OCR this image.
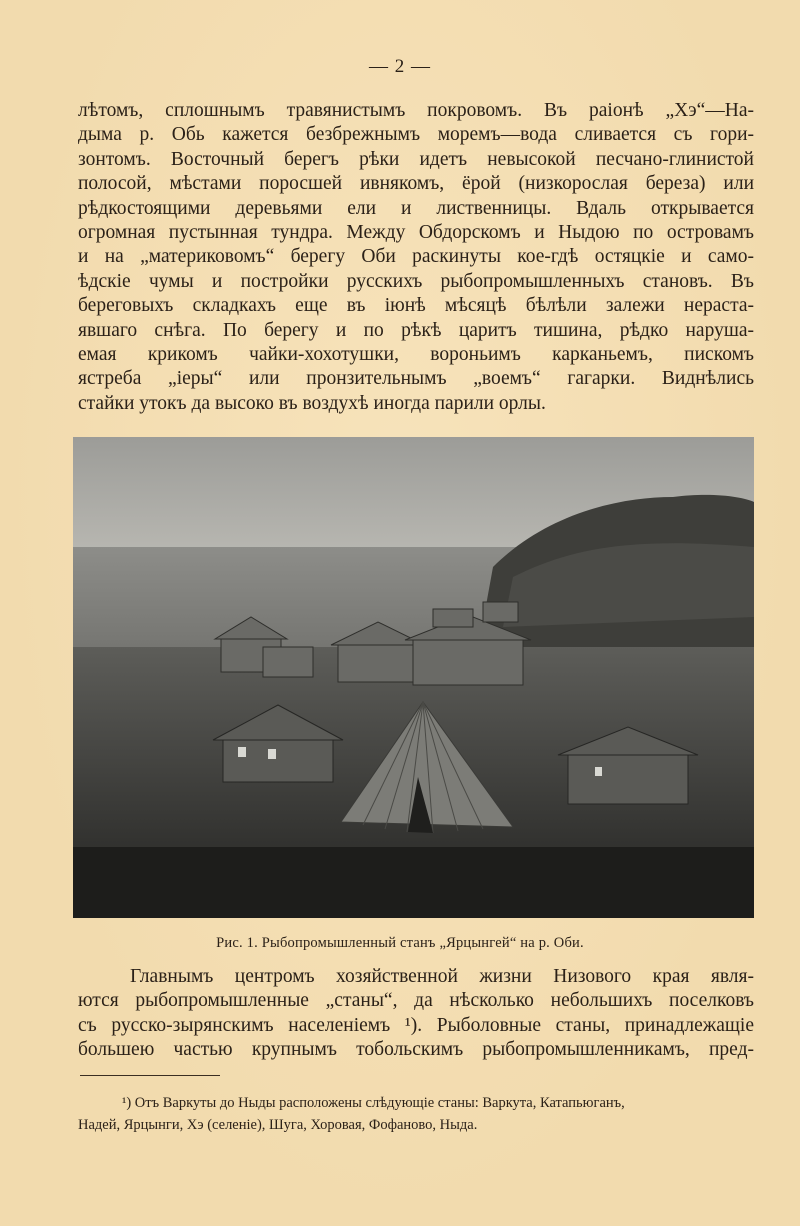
— 2 —

лѣтомъ, сплошнымъ травянистымъ покровомъ. Въ раіонѣ „Хэ“—На-
дыма р. Обь кажется безбрежнымъ моремъ—вода сливается съ гори-
зонтомъ. Восточный берегъ рѣки идетъ невысокой песчано-глинистой
полосой, мѣстами поросшей ивнякомъ, ёрой (низкорослая береза) или
рѣдкостоящими деревьями ели и лиственницы. Вдаль открывается
огромная пустынная тундра. Между Обдорскомъ и Ныдою по островамъ
и на „материковомъ“ берегу Оби раскинуты кое-гдѣ остяцкіе и само-
ѣдскіе чумы и постройки русскихъ рыбопромышленныхъ становъ. Въ
береговыхъ складкахъ еще въ іюнѣ мѣсяцѣ бѣлѣли залежи нераста-
явшаго снѣга. По берегу и по рѣкѣ царитъ тишина, рѣдко наруша-
емая крикомъ чайки-хохотушки, вороньимъ карканьемъ, пискомъ
ястреба „іеры“ или пронзительнымъ „воемъ“ гагарки. Виднѣлись
стайки утокъ да высоко въ воздухѣ иногда парили орлы.

Рис. 1. Рыбопромышленный станъ „Ярцынгей“ на р. Оби.

Главнымъ центромъ хозяйственной жизни Низового края явля-
ются рыбопромышленные „станы“, да нѣсколько небольшихъ поселковъ
съ русско-зырянскимъ населеніемъ ¹). Рыболовные станы, принадлежащіе
большею частью крупнымъ тобольскимъ рыбопромышленникамъ, пред-

¹) Отъ Варкуты до Ныды расположены слѣдующіе станы: Варкута, Катапьюганъ,
Надей, Ярцынги, Хэ (селеніе), Шуга, Хоровая, Фофаново, Ныда.
